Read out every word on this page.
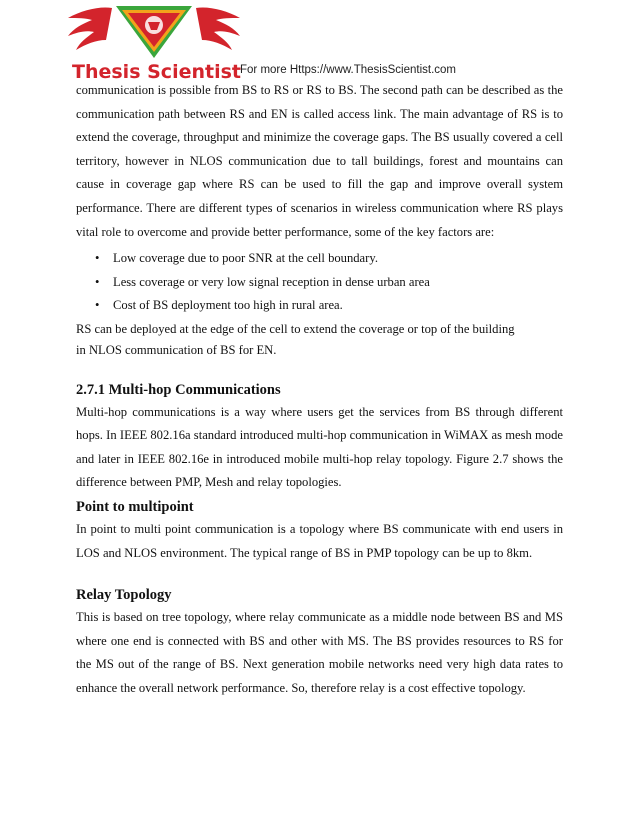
Thesis Scientist For more Https://www.ThesisScientist.com

communication is possible from BS to RS or RS to BS. The second path can be described as the communication path between RS and EN is called access link. The main advantage of RS is to extend the coverage, throughput and minimize the coverage gaps. The BS usually covered a cell territory, however in NLOS communication due to tall buildings, forest and mountains can cause in coverage gap where RS can be used to fill the gap and improve overall system performance. There are different types of scenarios in wireless communication where RS plays vital role to overcome and provide better performance, some of the key factors are:

• Low coverage due to poor SNR at the cell boundary.
• Less coverage or very low signal reception in dense urban area
• Cost of BS deployment too high in rural area.

RS can be deployed at the edge of the cell to extend the coverage or top of the building
in NLOS communication of BS for EN.

2.7.1 Multi-hop Communications

Multi-hop communications is a way where users get the services from BS through different hops. In IEEE 802.16a standard introduced multi-hop communication in WiMAX as mesh mode and later in IEEE 802.16e in introduced mobile multi-hop relay topology. Figure 2.7 shows the difference between PMP, Mesh and relay topologies.

Point to multipoint

In point to multi point communication is a topology where BS communicate with end users in LOS and NLOS environment. The typical range of BS in PMP topology can be up to 8km.

Relay Topology

This is based on tree topology, where relay communicate as a middle node between BS and MS where one end is connected with BS and other with MS. The BS provides resources to RS for the MS out of the range of BS. Next generation mobile networks need very high data rates to enhance the overall network performance. So, therefore relay is a cost effective topology.
